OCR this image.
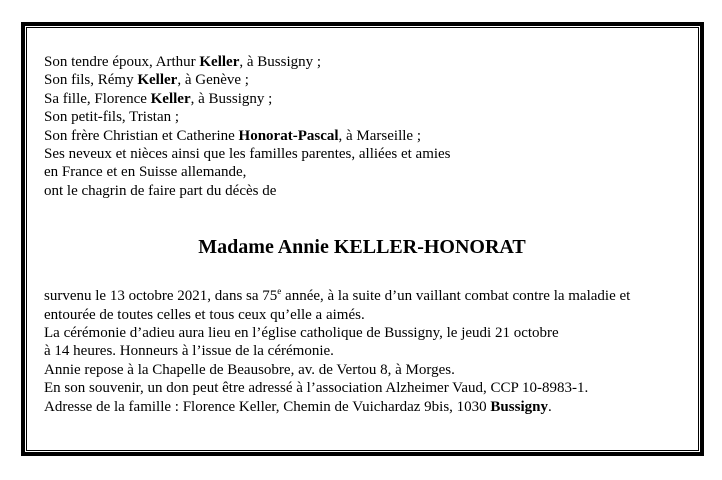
Son tendre époux, Arthur Keller, à Bussigny ;
Son fils, Rémy Keller, à Genève ;
Sa fille, Florence Keller, à Bussigny ;
Son petit-fils, Tristan ;
Son frère Christian et Catherine Honorat-Pascal, à Marseille ;
Ses neveux et nièces ainsi que les familles parentes, alliées et amies
en France et en Suisse allemande,
ont le chagrin de faire part du décès de
Madame Annie KELLER-HONORAT
survenu le 13 octobre 2021, dans sa 75e année, à la suite d’un vaillant combat contre la maladie et
entourée de toutes celles et tous ceux qu’elle a aimés.
La cérémonie d’adieu aura lieu en l’église catholique de Bussigny, le jeudi 21 octobre
à 14 heures. Honneurs à l’issue de la cérémonie.
Annie repose à la Chapelle de Beausobre, av. de Vertou 8, à Morges.
En son souvenir, un don peut être adressé à l’association Alzheimer Vaud, CCP 10-8983-1.
Adresse de la famille : Florence Keller, Chemin de Vuichardaz 9bis, 1030 Bussigny.
